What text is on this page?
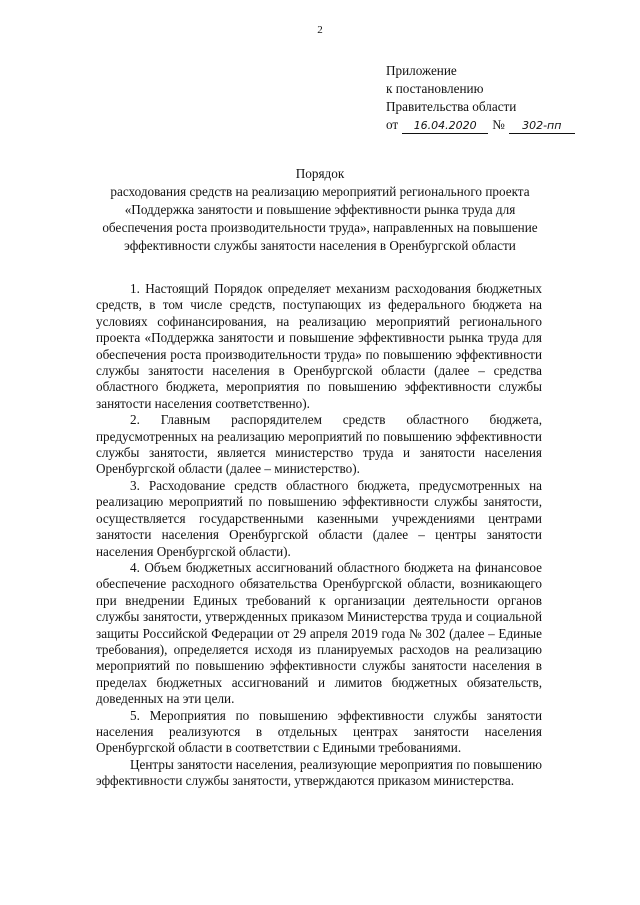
2
Приложение
к постановлению
Правительства области
от 16.04.2020 № 302-пп
Порядок
расходования средств на реализацию мероприятий регионального проекта
«Поддержка занятости и повышение эффективности рынка труда для
обеспечения роста производительности труда», направленных на повышение
эффективности службы занятости населения в Оренбургской области

1. Настоящий Порядок определяет механизм расходования бюджетных средств, в том числе средств, поступающих из федерального бюджета на условиях софинансирования, на реализацию мероприятий регионального проекта «Поддержка занятости и повышение эффективности рынка труда для обеспечения роста производительности труда» по повышению эффективности службы занятости населения в Оренбургской области (далее – средства областного бюджета, мероприятия по повышению эффективности службы занятости населения соответственно).

2. Главным распорядителем средств областного бюджета, предусмотренных на реализацию мероприятий по повышению эффективности службы занятости, является министерство труда и занятости населения Оренбургской области (далее – министерство).

3. Расходование средств областного бюджета, предусмотренных на реализацию мероприятий по повышению эффективности службы занятости, осуществляется государственными казенными учреждениями центрами занятости населения Оренбургской области (далее – центры занятости населения Оренбургской области).

4. Объем бюджетных ассигнований областного бюджета на финансовое обеспечение расходного обязательства Оренбургской области, возникающего при внедрении Единых требований к организации деятельности органов службы занятости, утвержденных приказом Министерства труда и социальной защиты Российской Федерации от 29 апреля 2019 года № 302 (далее – Единые требования), определяется исходя из планируемых расходов на реализацию мероприятий по повышению эффективности службы занятости населения в пределах бюджетных ассигнований и лимитов бюджетных обязательств, доведенных на эти цели.

5. Мероприятия по повышению эффективности службы занятости населения реализуются в отдельных центрах занятости населения Оренбургской области в соответствии с Едиными требованиями.

Центры занятости населения, реализующие мероприятия по повышению эффективности службы занятости, утверждаются приказом министерства.
